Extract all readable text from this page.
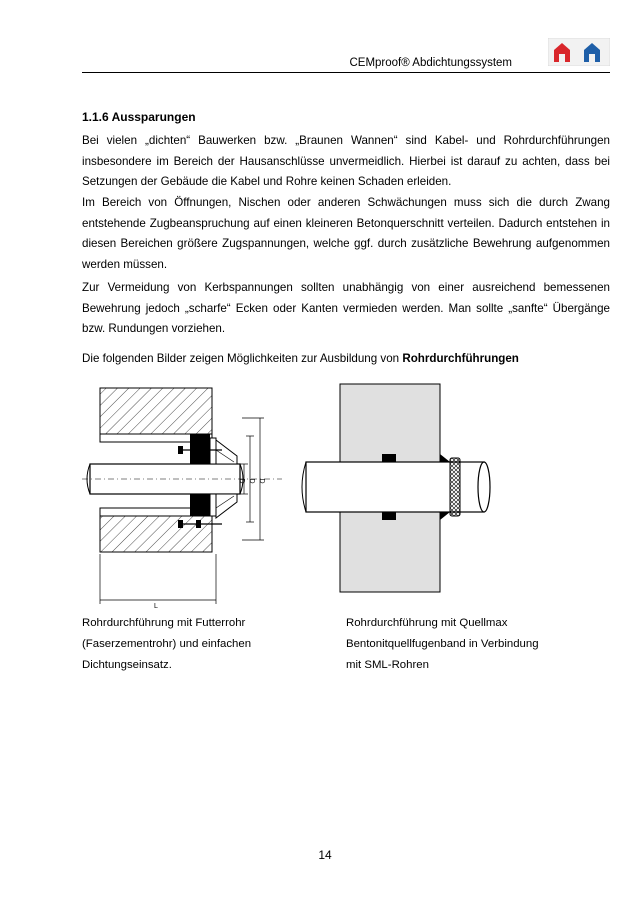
CEMproof® Abdichtungssystem
1.1.6 Aussparungen
Bei vielen „dichten“ Bauwerken bzw. „Braunen Wannen“ sind Kabel- und Rohrdurchführungen insbesondere im Bereich der Hausanschlüsse unvermeidlich. Hierbei ist darauf zu achten, dass bei Setzungen der Gebäude die Kabel und Rohre keinen Schaden erleiden.
Im Bereich von Öffnungen, Nischen oder anderen Schwächungen muss sich die durch Zwang entstehende Zugbeanspruchung auf einen kleineren Betonquerschnitt verteilen. Dadurch entstehen in diesen Bereichen größere Zugspannungen, welche ggf. durch zusätzliche Bewehrung aufgenommen werden müssen.
Zur Vermeidung von Kerbspannungen sollten unabhängig von einer ausreichend bemessenen Bewehrung jedoch „scharfe“ Ecken oder Kanten vermieden werden. Man sollte „sanfte“ Übergänge bzw. Rundungen vorziehen.
Die folgenden Bilder zeigen Möglichkeiten zur Ausbildung von Rohrdurchführungen
L
D D D
Rohrdurchführung mit Futterrohr
(Faserzementrohr) und einfachen
Dichtungseinsatz.
Rohrdurchführung mit Quellmax
Bentonitquellfugenband in Verbindung
mit SML-Rohren
14
